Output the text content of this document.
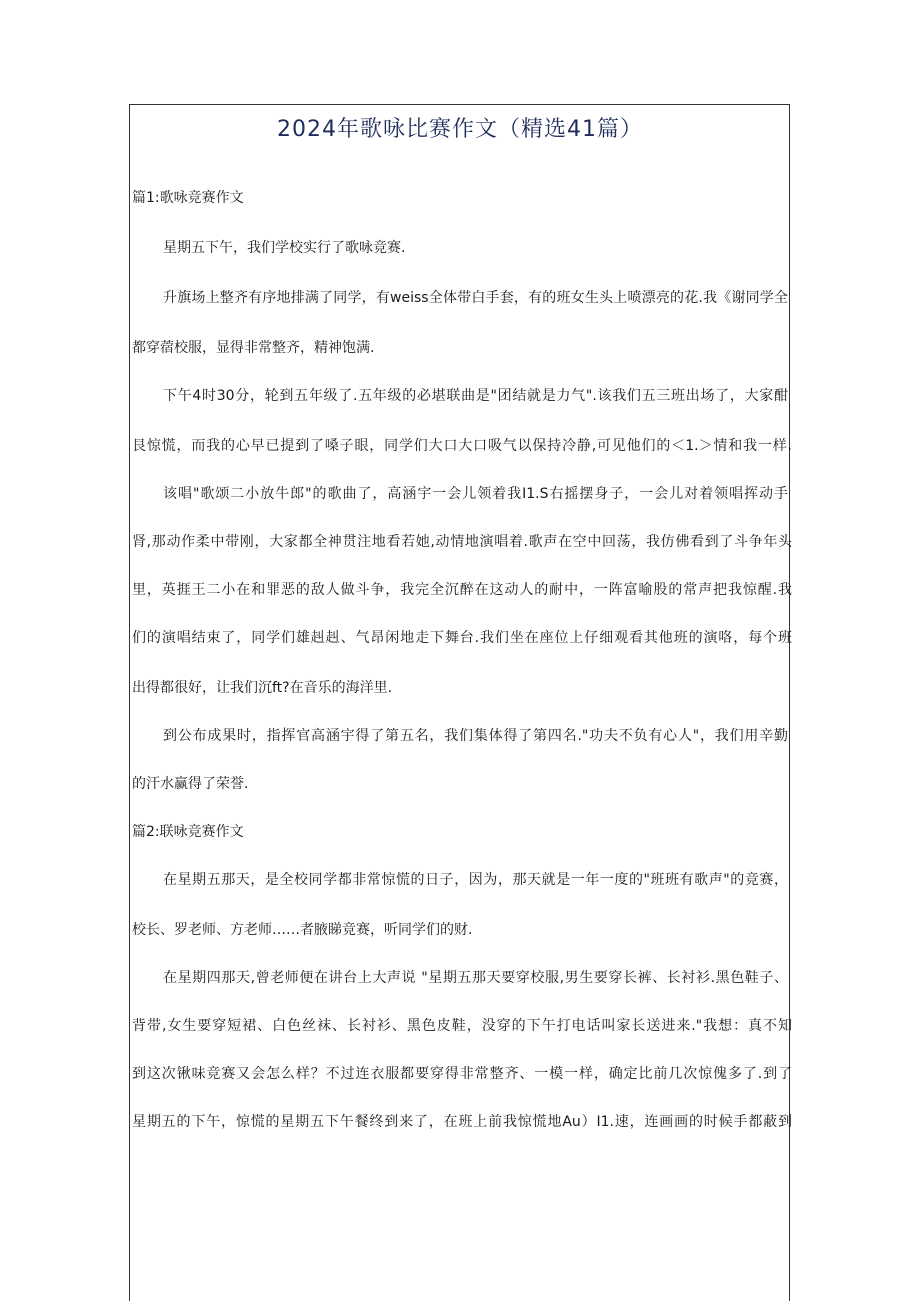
2024年歌咏比赛作文（精选41篇）
篇1:歌咏竞赛作文
星期五下午，我们学校实行了歌咏竞赛.
升旗场上整齐有序地排满了同学，有weiss全体带白手套，有的班女生头上喷漂亮的花.我《谢同学全
都穿蓿校服，显得非常整齐，精神饱满.
下午4时30分，轮到五年级了.五年级的必堪联曲是"团结就是力气".该我们五三班出场了，大家酣
艮惊慌，而我的心早已提到了嗓子眼，同学们大口大口吸气以保持冷静,可见他们的＜1.＞情和我一样.
该唱"歌颂二小放牛郎"的歌曲了，高涵宇一会儿领着我I1.S右摇摆身子，一会儿对着领唱挥动手
肾,那动作柔中带刚，大家都全神贯注地看若她,动情地演唱着.歌声在空中回荡，我仿佛看到了斗争年头
里，英捱王二小在和罪恶的敌人做斗争，我完全沉醉在这动人的耐中，一阵富喻股的常声把我惊醒.我
们的演唱结束了，同学们雄赳赳、气昂闲地走下舞台.我们坐在座位上仔细观看其他班的演咯，每个班
出得都很好，让我们沉ft?在音乐的海洋里.
到公布成果时，指挥官高涵宇得了第五名，我们集体得了第四名."功夫不负有心人"，我们用辛勤
的汗水赢得了荣誉.
篇2:联咏竞赛作文
在星期五那天，是全校同学都非常惊慌的日子，因为，那天就是一年一度的"班班有歌声"的竞赛，
校长、罗老师、方老师……者腋睇竞赛，听同学们的财.
在星期四那天,曾老师便在讲台上大声说 "星期五那天要穿校服,男生要穿长裤、长衬衫.黑色鞋子、
背带,女生要穿短裙、白色丝袜、长衬衫、黑色皮鞋，没穿的下午打电话叫家长送进来."我想：真不知
到这次锹味竞赛又会怎么样？不过连衣服都要穿得非常整齐、一模一样，确定比前几次惊傀多了.到了
星期五的下午，惊慌的星期五下午餐终到来了，在班上前我惊慌地Au）I1.速，连画画的时候手都蔽到
